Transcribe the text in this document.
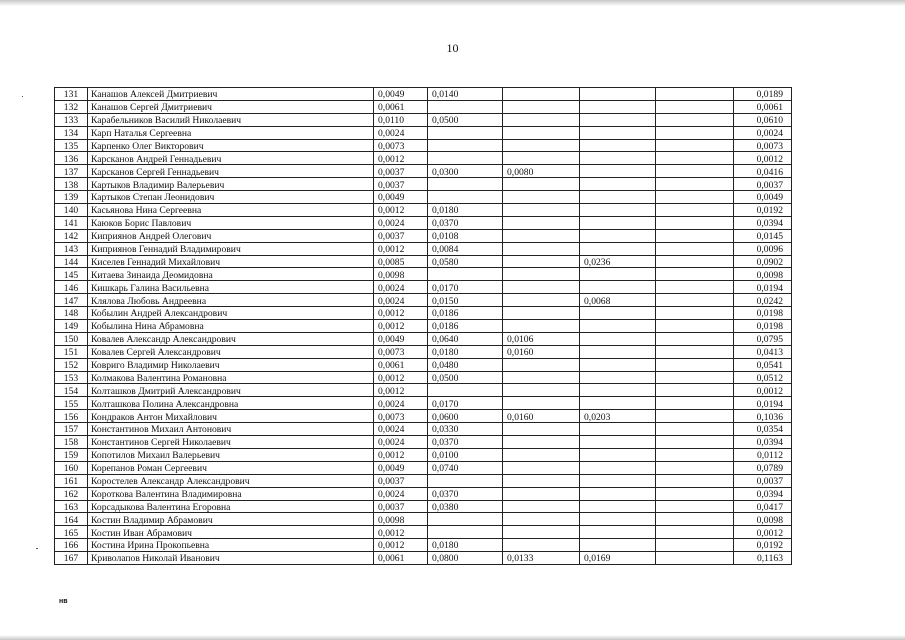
10
131	Канашов Алексей Дмитриевич	0,0049	0,0140				0,0189
132	Канашов Сергей Дмитриевич	0,0061					0,0061
133	Карабельников Василий Николаевич	0,0110	0,0500				0,0610
134	Карп Наталья Сергеевна	0,0024					0,0024
135	Карпенко Олег Викторович	0,0073					0,0073
136	Карсканов Андрей Геннадьевич	0,0012					0,0012
137	Карсканов Сергей Геннадьевич	0,0037	0,0300	0,0080			0,0416
138	Картыков Владимир Валерьевич	0,0037					0,0037
139	Картыков Степан Леонидович	0,0049					0,0049
140	Касьянова Нина Сергеевна	0,0012	0,0180				0,0192
141	Каюков Борис Павлович	0,0024	0,0370				0,0394
142	Киприянов Андрей Олегович	0,0037	0,0108				0,0145
143	Киприянов Геннадий Владимирович	0,0012	0,0084				0,0096
144	Киселев Геннадий Михайлович	0,0085	0,0580		0,0236		0,0902
145	Китаева Зинаида Деомидовна	0,0098					0,0098
146	Кишкарь Галина Васильевна	0,0024	0,0170				0,0194
147	Клялова Любовь Андреевна	0,0024	0,0150		0,0068		0,0242
148	Кобылин Андрей Александрович	0,0012	0,0186				0,0198
149	Кобылина Нина Абрамовна	0,0012	0,0186				0,0198
150	Ковалев Александр Александрович	0,0049	0,0640	0,0106			0,0795
151	Ковалев Сергей Александрович	0,0073	0,0180	0,0160			0,0413
152	Ковриго Владимир Николаевич	0,0061	0,0480				0,0541
153	Колмакова Валентина Романовна	0,0012	0,0500				0,0512
154	Колташков Дмитрий Александрович	0,0012					0,0012
155	Колташкова Полина Александровна	0,0024	0,0170				0,0194
156	Кондраков Антон Михайлович	0,0073	0,0600	0,0160	0,0203		0,1036
157	Константинов Михаил Антонович	0,0024	0,0330				0,0354
158	Константинов Сергей Николаевич	0,0024	0,0370				0,0394
159	Копотилов Михаил Валерьевич	0,0012	0,0100				0,0112
160	Корепанов Роман Сергеевич	0,0049	0,0740				0,0789
161	Коростелев Александр Александрович	0,0037					0,0037
162	Короткова Валентина Владимировна	0,0024	0,0370				0,0394
163	Корсадыкова Валентина Егоровна	0,0037	0,0380				0,0417
164	Костин Владимир Абрамович	0,0098					0,0098
165	Костин Иван Абрамович	0,0012					0,0012
166	Костина Ирина Прокопьевна	0,0012	0,0180				0,0192
167	Криволапов Николай Иванович	0,0061	0,0800	0,0133	0,0169		0,1163
нв
